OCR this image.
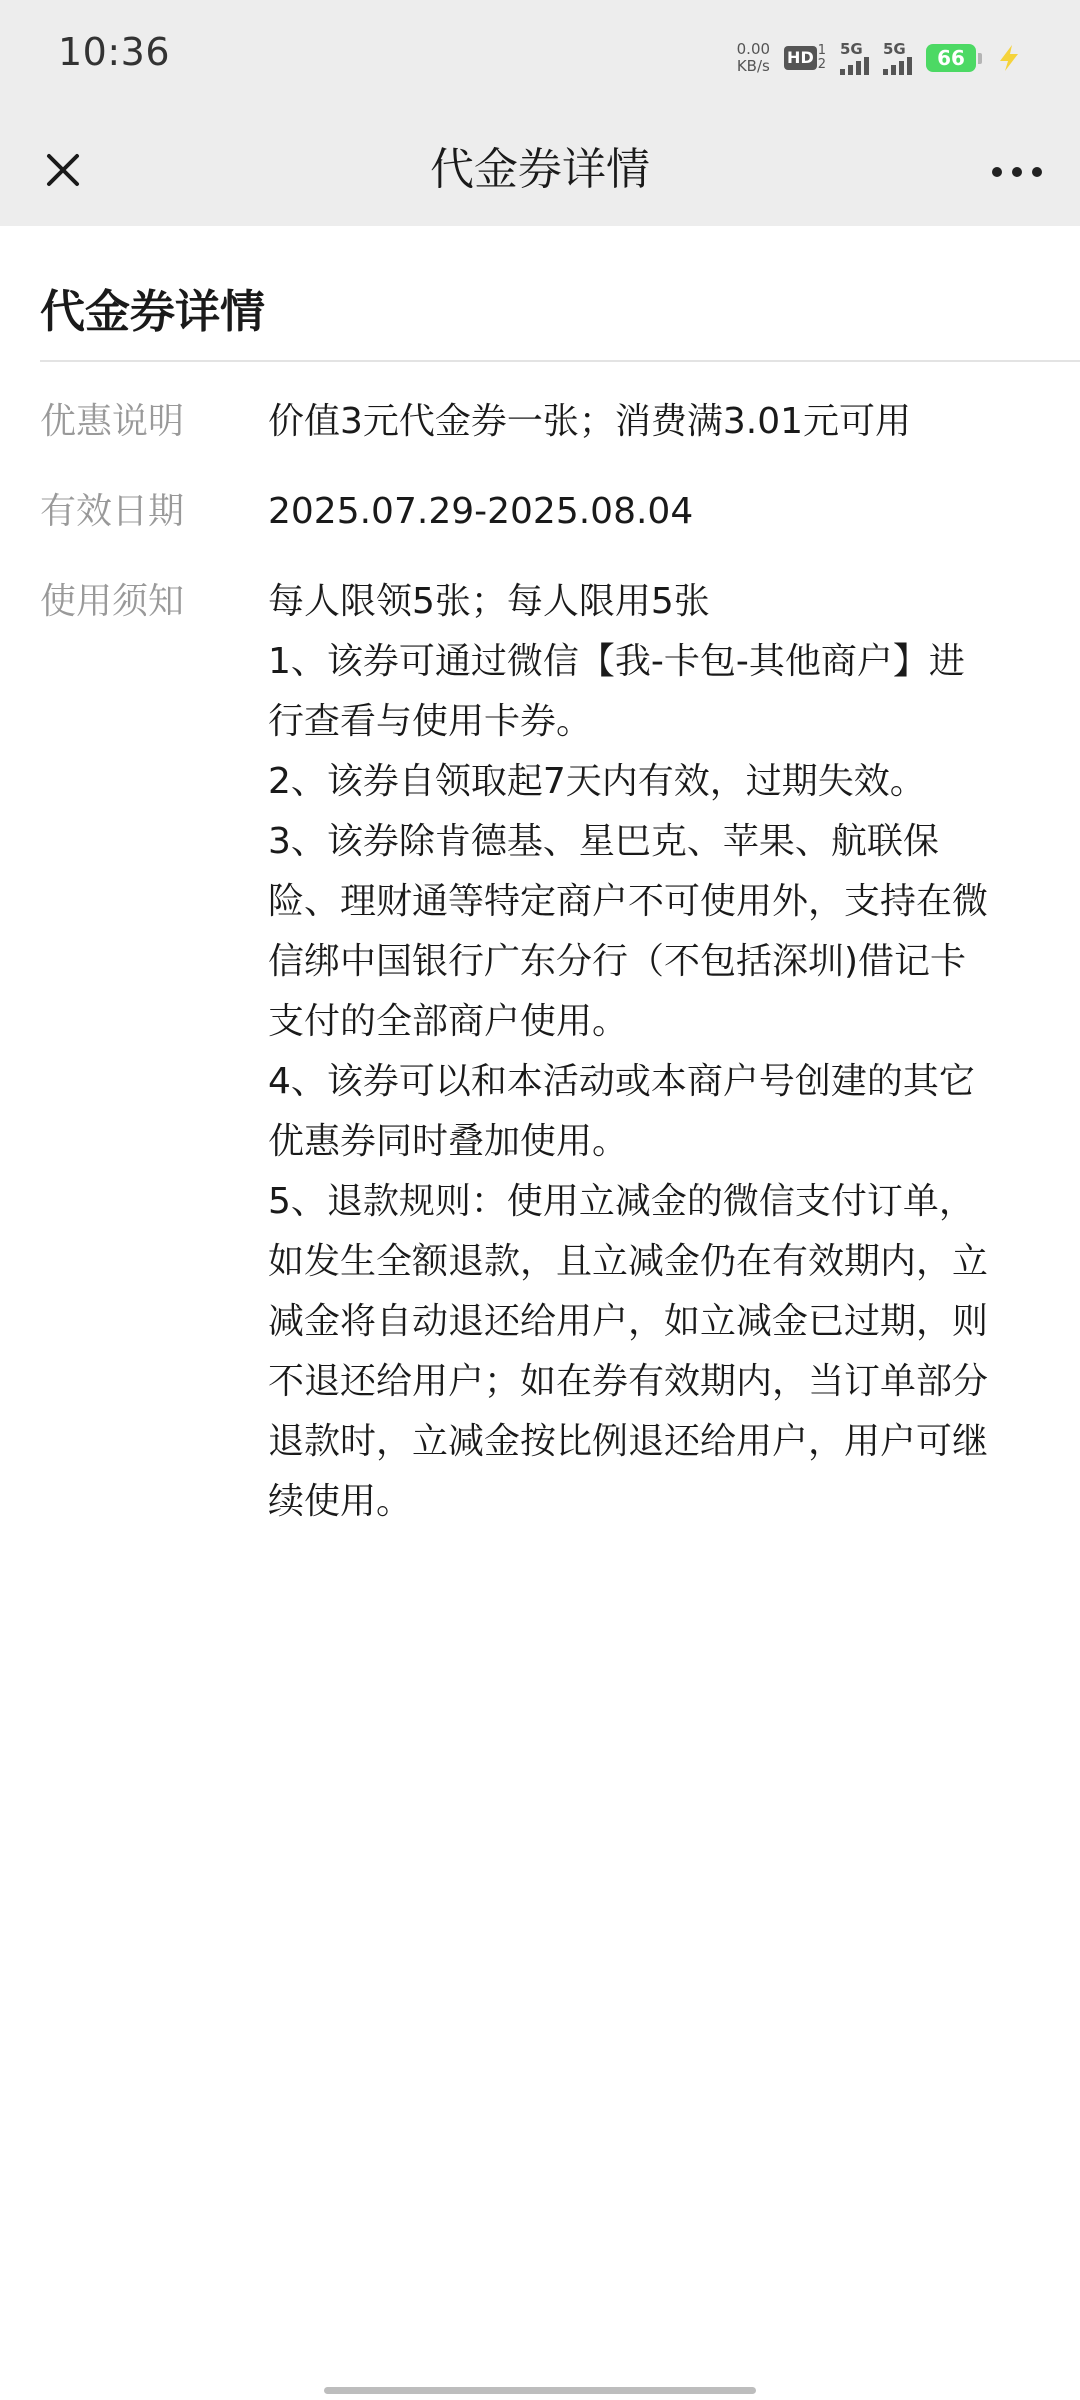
10:36	0.00
KB/s HD 1
2
5G 5G	66
代金券详情
代金券详情
优惠说明	价值3元代金券一张；消费满3.01元可用
有效日期	2025.07.29-2025.08.04
使用须知	每人限领5张；每人限用5张
1、该券可通过微信【我-卡包-其他商户】进
行查看与使用卡券。
2、该券自领取起7天内有效，过期失效。
3、该券除肯德基、星巴克、苹果、航联保
险、理财通等特定商户不可使用外，支持在微
信绑中国银行广东分行（不包括深圳)借记卡
支付的全部商户使用。
4、该券可以和本活动或本商户号创建的其它
优惠券同时叠加使用。
5、退款规则：使用立减金的微信支付订单，
如发生全额退款，且立减金仍在有效期内，立
减金将自动退还给用户，如立减金已过期，则
不退还给用户；如在券有效期内，当订单部分
退款时，立减金按比例退还给用户，用户可继
续使用。
